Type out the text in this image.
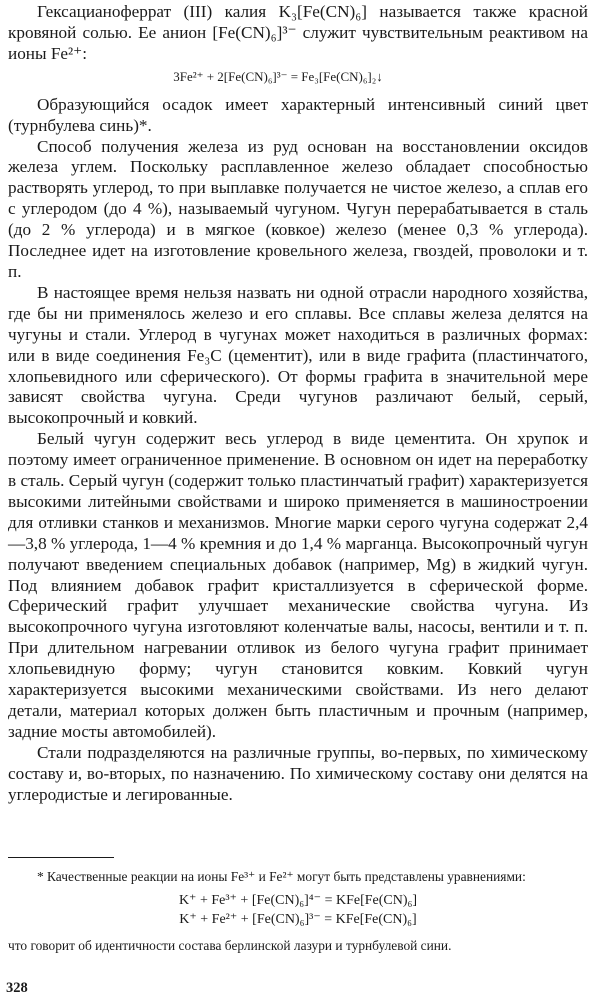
Гексацианоферрат (III) калия K₃[Fe(CN)₆] называется также красной кровяной солью. Ее анион [Fe(CN)₆]³⁻ служит чувствительным реактивом на ионы Fe²⁺:

3Fe²⁺ + 2[Fe(CN)₆]³⁻ = Fe₃[Fe(CN)₆]₂↓

Образующийся осадок имеет характерный интенсивный синий цвет (турнбулева синь)*.

Способ получения железа из руд основан на восстановлении оксидов железа углем. Поскольку расплавленное железо обладает способностью растворять углерод, то при выплавке получается не чистое железо, а сплав его с углеродом (до 4 %), называемый чугуном. Чугун перерабатывается в сталь (до 2 % углерода) и в мягкое (ковкое) железо (менее 0,3 % углерода). Последнее идет на изготовление кровельного железа, гвоздей, проволоки и т. п.

В настоящее время нельзя назвать ни одной отрасли народного хозяйства, где бы ни применялось железо и его сплавы. Все сплавы железа делятся на чугуны и стали. Углерод в чугунах может находиться в различных формах: или в виде соединения Fe₃C (цементит), или в виде графита (пластинчатого, хлопьевидного или сферического). От формы графита в значительной мере зависят свойства чугуна. Среди чугунов различают белый, серый, высокопрочный и ковкий.

Белый чугун содержит весь углерод в виде цементита. Он хрупок и поэтому имеет ограниченное применение. В основном он идет на переработку в сталь. Серый чугун (содержит только пластинчатый графит) характеризуется высокими литейными свойствами и широко применяется в машиностроении для отливки станков и механизмов. Многие марки серого чугуна содержат 2,4—3,8 % углерода, 1—4 % кремния и до 1,4 % марганца. Высокопрочный чугун получают введением специальных добавок (например, Mg) в жидкий чугун. Под влиянием добавок графит кристаллизуется в сферической форме. Сферический графит улучшает механические свойства чугуна. Из высокопрочного чугуна изготовляют коленчатые валы, насосы, вентили и т. п. При длительном нагревании отливок из белого чугуна графит принимает хлопьевидную форму; чугун становится ковким. Ковкий чугун характеризуется высокими механическими свойствами. Из него делают детали, материал которых должен быть пластичным и прочным (например, задние мосты автомобилей).

Стали подразделяются на различные группы, во-первых, по химическому составу и, во-вторых, по назначению. По химическому составу они делятся на углеродистые и легированные.

* Качественные реакции на ионы Fe³⁺ и Fe²⁺ могут быть представлены уравнениями:

K⁺ + Fe³⁺ + [Fe(CN)₆]⁴⁻ = KFe[Fe(CN)₆]
K⁺ + Fe²⁺ + [Fe(CN)₆]³⁻ = KFe[Fe(CN)₆]

что говорит об идентичности состава берлинской лазури и турнбулевой сини.

328
